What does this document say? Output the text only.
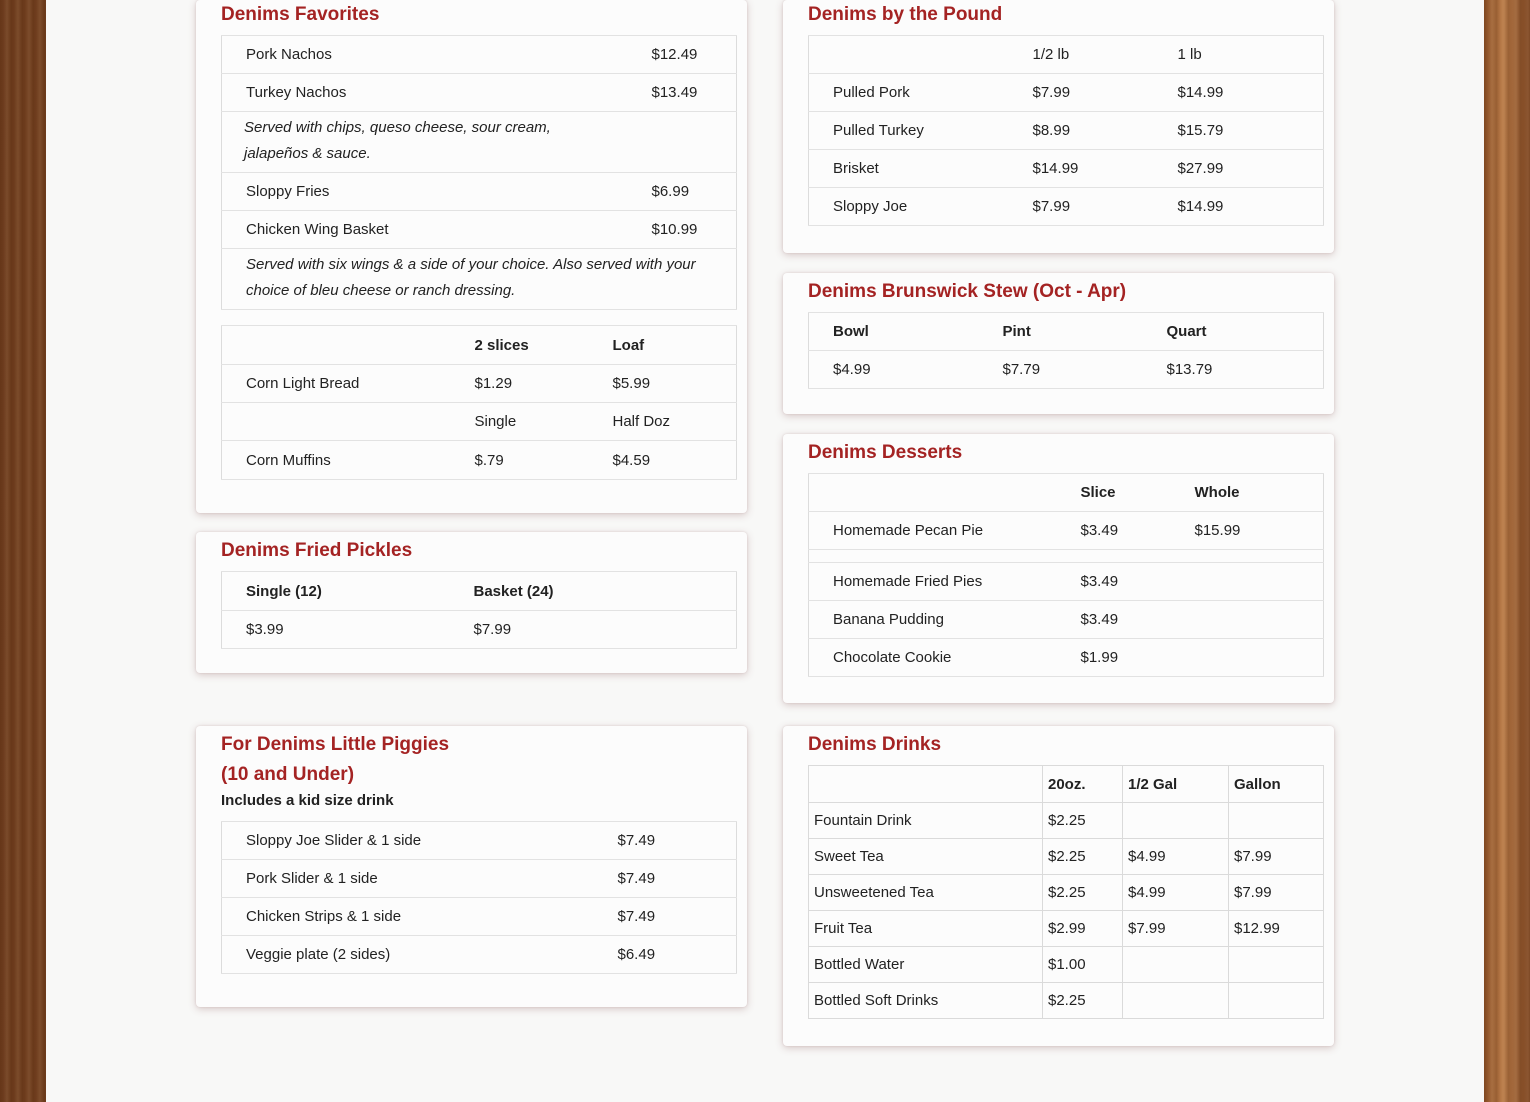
Denims Favorites
Pork Nachos	$12.49
Turkey Nachos	$13.49

Served with chips, queso cheese, sour cream, jalapeños & sauce.	

Sloppy Fries	$6.99
Chicken Wing Basket	$10.99
Served with six wings & a side of your choice. Also served with your choice of bleu cheese or ranch dressing.	
	2 slices	Loaf
Corn Light Bread	$1.29	$5.99
	Single	Half Doz
Corn Muffins	$.79	$4.59
Denims Fried Pickles
Single (12)	Basket (24)
$3.99	$7.99
For Denims Little Piggies
(10 and Under)
Includes a kid size drink
Sloppy Joe Slider & 1 side	$7.49
Pork Slider & 1 side	$7.49
Chicken Strips & 1 side	$7.49
Veggie plate (2 sides)	$6.49
Denims by the Pound
	1/2 lb	1 lb
Pulled Pork	$7.99	$14.99
Pulled Turkey	$8.99	$15.79
Brisket	$14.99	$27.99
Sloppy Joe	$7.99	$14.99
Denims Brunswick Stew (Oct - Apr)
Bowl	Pint	Quart
$4.99	$7.79	$13.79
Denims Desserts
	Slice	Whole
Homemade Pecan Pie	$3.49	$15.99

Homemade Fried Pies	$3.49	
Banana Pudding	$3.49	
Chocolate Cookie	$1.99	
Denims Drinks
	20oz.	1/2 Gal	Gallon
Fountain Drink	$2.25		
Sweet Tea	$2.25	$4.99	$7.99
Unsweetened Tea	$2.25	$4.99	$7.99
Fruit Tea	$2.99	$7.99	$12.99
Bottled Water	$1.00		
Bottled Soft Drinks	$2.25		
